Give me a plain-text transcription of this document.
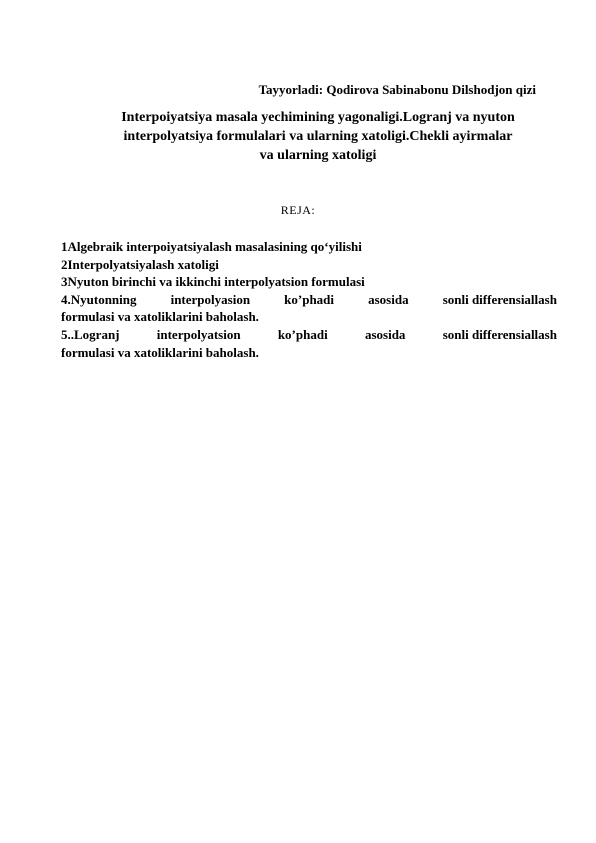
Tayyorladi: Qodirova Sabinabonu Dilshodjon qizi
Interpoiyatsiya masala yechimining yagonaligi.Logranj va nyuton
interpolyatsiya formulalari va ularning xatoligi.Chekli ayirmalar
va ularning xatoligi
REJA:
1Algebraik interpoiyatsiyalash masalasining qo‘yilishi
2Interpolyatsiyalash xatoligi
3Nyuton birinchi va ikkinchi interpolyatsion formulasi
4.Nyutonning	interpolyasion	ko’phadi	asosida	sonli differensiallash
formulasi va xatoliklarini baholash.
5..Logranj	interpolyatsion	ko’phadi	asosida	sonli differensiallash
formulasi va xatoliklarini baholash.
